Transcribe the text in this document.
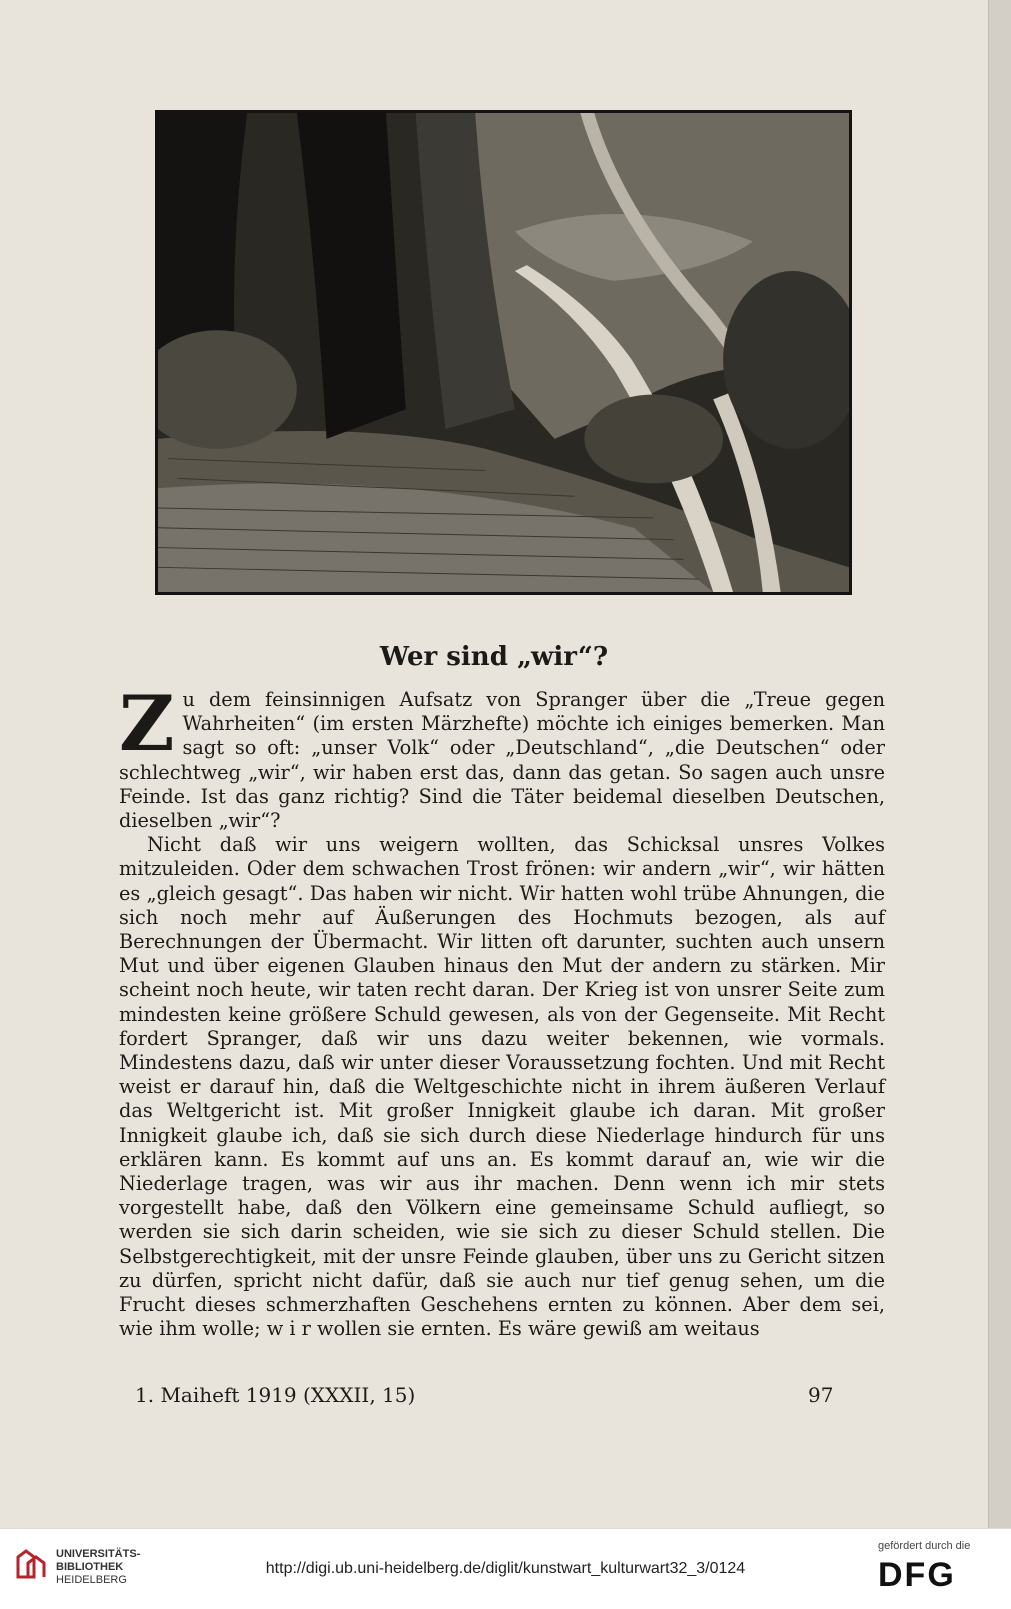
Wer sind „wir“?

Zu dem feinsinnigen Aufsatz von Spranger über die „Treue gegen Wahrheiten“ (im ersten Märzhefte) möchte ich einiges bemerken. Man sagt so oft: „unser Volk“ oder „Deutschland“, „die Deutschen“ oder schlechtweg „wir“, wir haben erst das, dann das getan. So sagen auch unsre Feinde. Ist das ganz richtig? Sind die Täter beidemal dieselben Deutschen, dieselben „wir“?

Nicht daß wir uns weigern wollten, das Schicksal unsres Volkes mitzuleiden. Oder dem schwachen Trost frönen: wir andern „wir“, wir hätten es „gleich gesagt“. Das haben wir nicht. Wir hatten wohl trübe Ahnungen, die sich noch mehr auf Äußerungen des Hochmuts bezogen, als auf Berechnungen der Übermacht. Wir litten oft darunter, suchten auch unsern Mut und über eigenen Glauben hinaus den Mut der andern zu stärken. Mir scheint noch heute, wir taten recht daran. Der Krieg ist von unsrer Seite zum mindesten keine größere Schuld gewesen, als von der Gegenseite. Mit Recht fordert Spranger, daß wir uns dazu weiter bekennen, wie vormals. Mindestens dazu, daß wir unter dieser Voraussetzung fochten. Und mit Recht weist er darauf hin, daß die Weltgeschichte nicht in ihrem äußeren Verlauf das Weltgericht ist. Mit großer Innigkeit glaube ich daran. Mit großer Innigkeit glaube ich, daß sie sich durch diese Niederlage hindurch für uns erklären kann. Es kommt auf uns an. Es kommt darauf an, wie wir die Niederlage tragen, was wir aus ihr machen. Denn wenn ich mir stets vorgestellt habe, daß den Völkern eine gemeinsame Schuld aufliegt, so werden sie sich darin scheiden, wie sie sich zu dieser Schuld stellen. Die Selbstgerechtigkeit, mit der unsre Feinde glauben, über uns zu Gericht sitzen zu dürfen, spricht nicht dafür, daß sie auch nur tief genug sehen, um die Frucht dieses schmerzhaften Geschehens ernten zu können. Aber dem sei, wie ihm wolle; w i r wollen sie ernten. Es wäre gewiß am weitaus

1. Maiheft 1919 (XXXII, 15)	97
UNIVERSITÄTS-
BIBLIOTHEK
HEIDELBERG
http://digi.ub.uni-heidelberg.de/diglit/kunstwart_kulturwart32_3/0124
gefördert durch die
DFG
